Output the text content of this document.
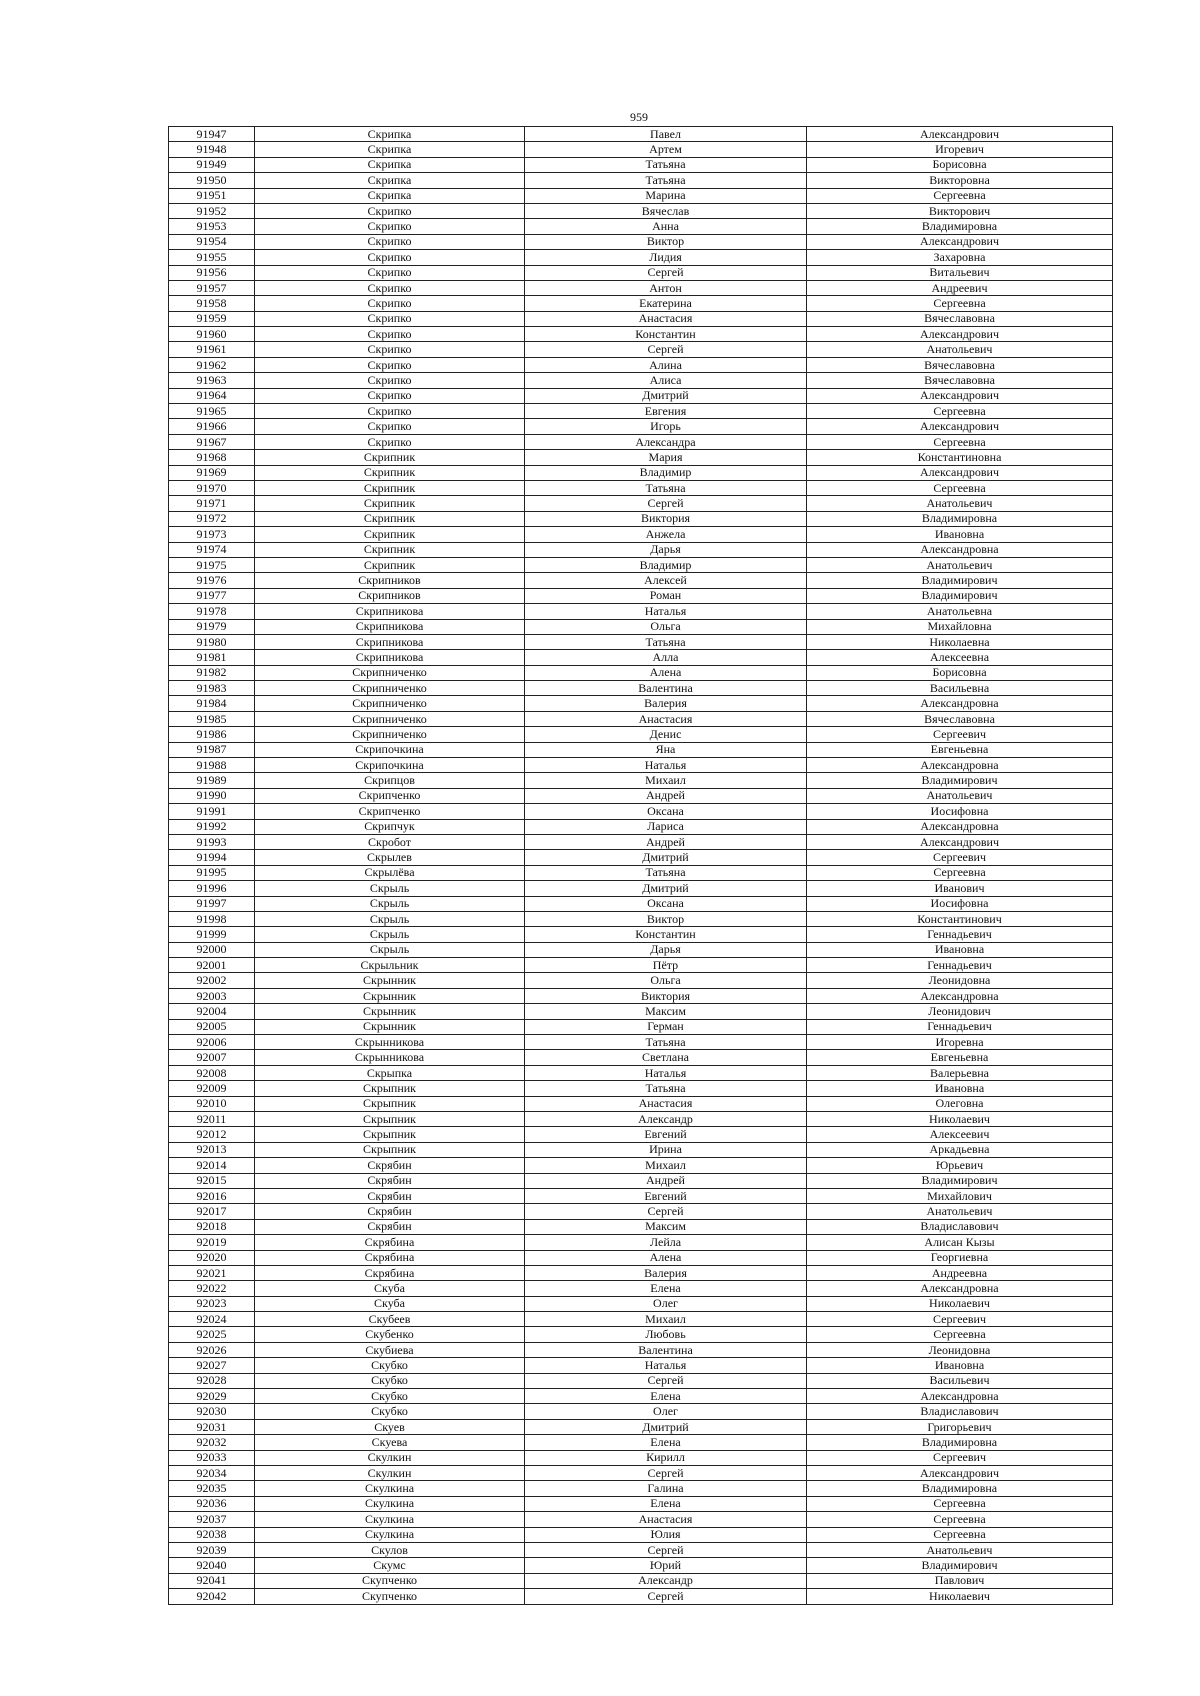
959
91947	Скрипка	Павел	Александрович
91948	Скрипка	Артем	Игоревич
91949	Скрипка	Татьяна	Борисовна
91950	Скрипка	Татьяна	Викторовна
91951	Скрипка	Марина	Сергеевна
91952	Скрипко	Вячеслав	Викторович
91953	Скрипко	Анна	Владимировна
91954	Скрипко	Виктор	Александрович
91955	Скрипко	Лидия	Захаровна
91956	Скрипко	Сергей	Витальевич
91957	Скрипко	Антон	Андреевич
91958	Скрипко	Екатерина	Сергеевна
91959	Скрипко	Анастасия	Вячеславовна
91960	Скрипко	Константин	Александрович
91961	Скрипко	Сергей	Анатольевич
91962	Скрипко	Алина	Вячеславовна
91963	Скрипко	Алиса	Вячеславовна
91964	Скрипко	Дмитрий	Александрович
91965	Скрипко	Евгения	Сергеевна
91966	Скрипко	Игорь	Александрович
91967	Скрипко	Александра	Сергеевна
91968	Скрипник	Мария	Константиновна
91969	Скрипник	Владимир	Александрович
91970	Скрипник	Татьяна	Сергеевна
91971	Скрипник	Сергей	Анатольевич
91972	Скрипник	Виктория	Владимировна
91973	Скрипник	Анжела	Ивановна
91974	Скрипник	Дарья	Александровна
91975	Скрипник	Владимир	Анатольевич
91976	Скрипников	Алексей	Владимирович
91977	Скрипников	Роман	Владимирович
91978	Скрипникова	Наталья	Анатольевна
91979	Скрипникова	Ольга	Михайловна
91980	Скрипникова	Татьяна	Николаевна
91981	Скрипникова	Алла	Алексеевна
91982	Скрипниченко	Алена	Борисовна
91983	Скрипниченко	Валентина	Васильевна
91984	Скрипниченко	Валерия	Александровна
91985	Скрипниченко	Анастасия	Вячеславовна
91986	Скрипниченко	Денис	Сергеевич
91987	Скрипочкина	Яна	Евгеньевна
91988	Скрипочкина	Наталья	Александровна
91989	Скрипцов	Михаил	Владимирович
91990	Скрипченко	Андрей	Анатольевич
91991	Скрипченко	Оксана	Иосифовна
91992	Скрипчук	Лариса	Александровна
91993	Скробот	Андрей	Александрович
91994	Скрылев	Дмитрий	Сергеевич
91995	Скрылёва	Татьяна	Сергеевна
91996	Скрыль	Дмитрий	Иванович
91997	Скрыль	Оксана	Иосифовна
91998	Скрыль	Виктор	Константинович
91999	Скрыль	Константин	Геннадьевич
92000	Скрыль	Дарья	Ивановна
92001	Скрыльник	Пётр	Геннадьевич
92002	Скрынник	Ольга	Леонидовна
92003	Скрынник	Виктория	Александровна
92004	Скрынник	Максим	Леонидович
92005	Скрынник	Герман	Геннадьевич
92006	Скрынникова	Татьяна	Игоревна
92007	Скрынникова	Светлана	Евгеньевна
92008	Скрыпка	Наталья	Валерьевна
92009	Скрыпник	Татьяна	Ивановна
92010	Скрыпник	Анастасия	Олеговна
92011	Скрыпник	Александр	Николаевич
92012	Скрыпник	Евгений	Алексеевич
92013	Скрыпник	Ирина	Аркадьевна
92014	Скрябин	Михаил	Юрьевич
92015	Скрябин	Андрей	Владимирович
92016	Скрябин	Евгений	Михайлович
92017	Скрябин	Сергей	Анатольевич
92018	Скрябин	Максим	Владиславович
92019	Скрябина	Лейла	Алисан Кызы
92020	Скрябина	Алена	Георгиевна
92021	Скрябина	Валерия	Андреевна
92022	Скуба	Елена	Александровна
92023	Скуба	Олег	Николаевич
92024	Скубеев	Михаил	Сергеевич
92025	Скубенко	Любовь	Сергеевна
92026	Скубиева	Валентина	Леонидовна
92027	Скубко	Наталья	Ивановна
92028	Скубко	Сергей	Васильевич
92029	Скубко	Елена	Александровна
92030	Скубко	Олег	Владиславович
92031	Скуев	Дмитрий	Григорьевич
92032	Скуева	Елена	Владимировна
92033	Скулкин	Кирилл	Сергеевич
92034	Скулкин	Сергей	Александрович
92035	Скулкина	Галина	Владимировна
92036	Скулкина	Елена	Сергеевна
92037	Скулкина	Анастасия	Сергеевна
92038	Скулкина	Юлия	Сергеевна
92039	Скулов	Сергей	Анатольевич
92040	Скумс	Юрий	Владимирович
92041	Скупченко	Александр	Павлович
92042	Скупченко	Сергей	Николаевич
